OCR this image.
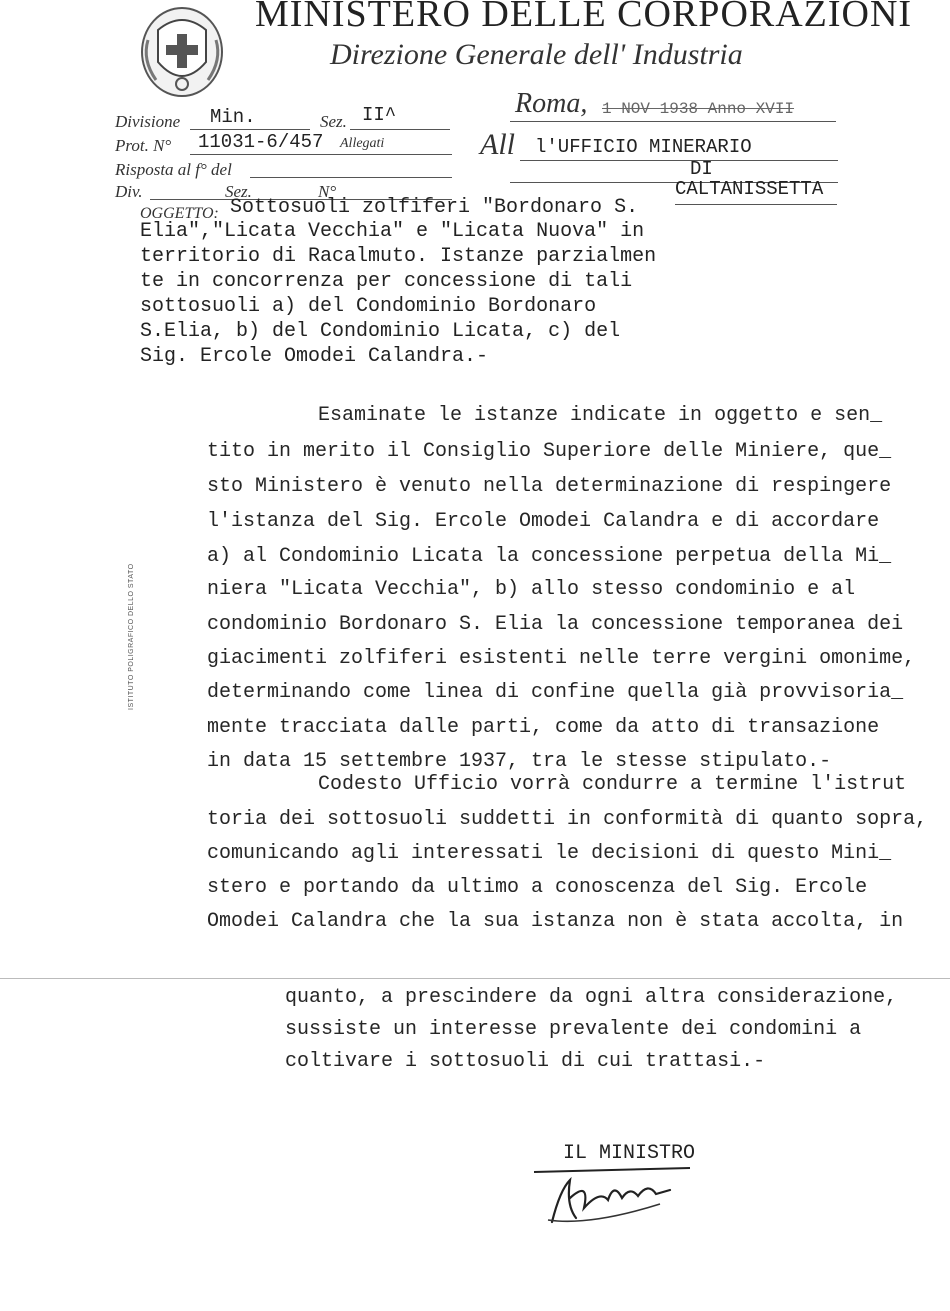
MINISTERO DELLE CORPORAZIONI
Direzione Generale dell' Industria
Divisione Min.	Sez. II^
Prot. N° 11031-6/457 Allegati
Risposta al f° del
Div.	Sez.	N°
Roma, 1 NOV 1938 Anno XVII
All l'UFFICIO MINERARIO
DI
CALTANISSETTA
OGGETTO: Sottosuoli zolfiferi "Bordonaro S.
Elia","Licata Vecchia" e "Licata Nuova" in
territorio di Racalmuto. Istanze parzialmen
te in concorrenza per concessione di tali
sottosuoli a) del Condominio Bordonaro
S.Elia, b) del Condominio Licata, c) del
Sig. Ercole Omodei Calandra.-
Esaminate le istanze indicate in oggetto e sen_
tito in merito il Consiglio Superiore delle Miniere, que_
sto Ministero è venuto nella determinazione di respingere
l'istanza del Sig. Ercole Omodei Calandra e di accordare
a) al Condominio Licata la concessione perpetua della Mi_
niera "Licata Vecchia", b) allo stesso condominio e al
condominio Bordonaro S. Elia la concessione temporanea dei
giacimenti zolfiferi esistenti nelle terre vergini omonime,
determinando come linea di confine quella già provvisoria_
mente tracciata dalle parti, come da atto di transazione
in data 15 settembre 1937, tra le stesse stipulato.-
Codesto Ufficio vorrà condurre a termine l'istrut
toria dei sottosuoli suddetti in conformità di quanto sopra,
comunicando agli interessati le decisioni di questo Mini_
stero e portando da ultimo a conoscenza del Sig. Ercole
Omodei Calandra che la sua istanza non è stata accolta, in
ISTITUTO POLIGRAFICO DELLO STATO
quanto, a prescindere da ogni altra considerazione,
sussiste un interesse prevalente dei condomini a
coltivare i sottosuoli di cui trattasi.-
IL MINISTRO
